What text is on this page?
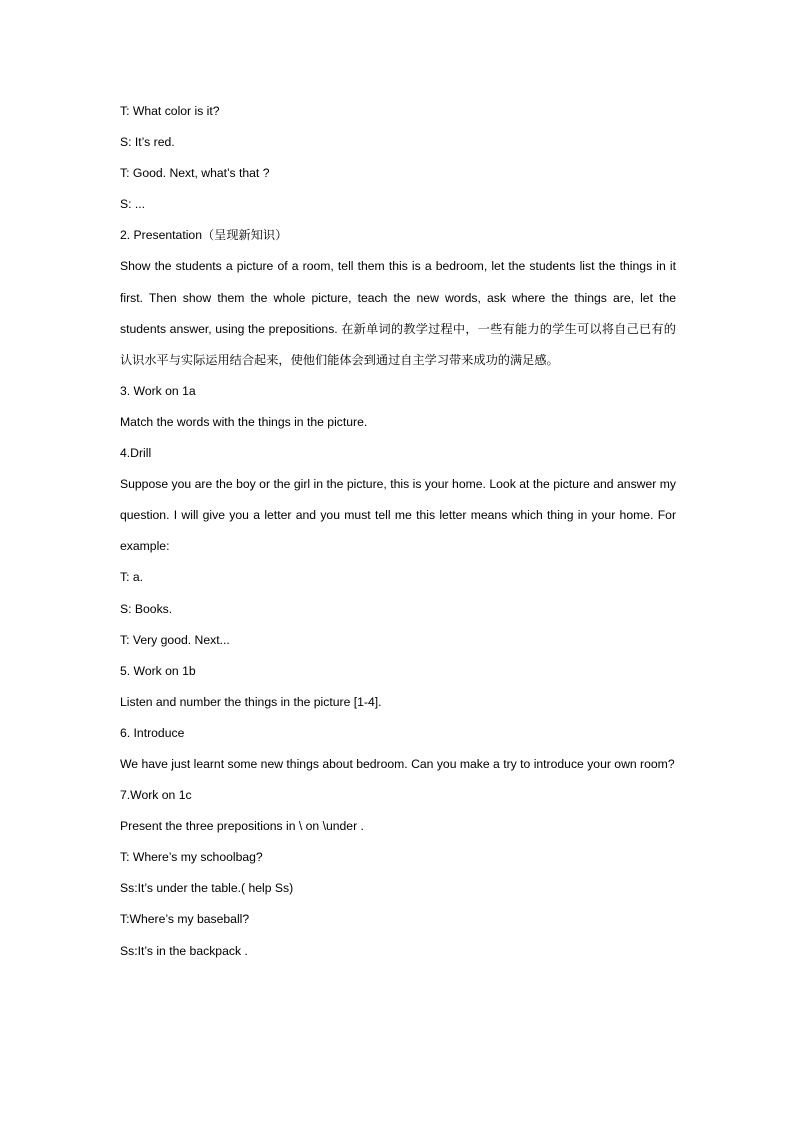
T: What color is it?

S: It’s red.

T: Good. Next, what’s that ?

S: ...

2. Presentation（呈现新知识）

Show the students a picture of a room, tell them this is a bedroom, let the students list the things in it first. Then show them the whole picture, teach the new words, ask where the things are, let the students answer, using the prepositions. 在新单词的教学过程中，一些有能力的学生可以将自己已有的认识水平与实际运用结合起来，使他们能体会到通过自主学习带来成功的满足感。

3. Work on 1a

Match the words with the things in the picture.

4.Drill

Suppose you are the boy or the girl in the picture, this is your home. Look at the picture and answer my question. I will give you a letter and you must tell me this letter means which thing in your home. For example:

T: a.

S: Books.

T: Very good. Next...

5. Work on 1b

Listen and number the things in the picture [1-4].

6. Introduce

We have just learnt some new things about bedroom. Can you make a try to introduce your own room?

7.Work on 1c

Present the three prepositions in \ on \under .

T: Where’s my schoolbag?

Ss:It’s under the table.( help Ss)

T:Where’s my baseball?

Ss:It’s in the backpack .
